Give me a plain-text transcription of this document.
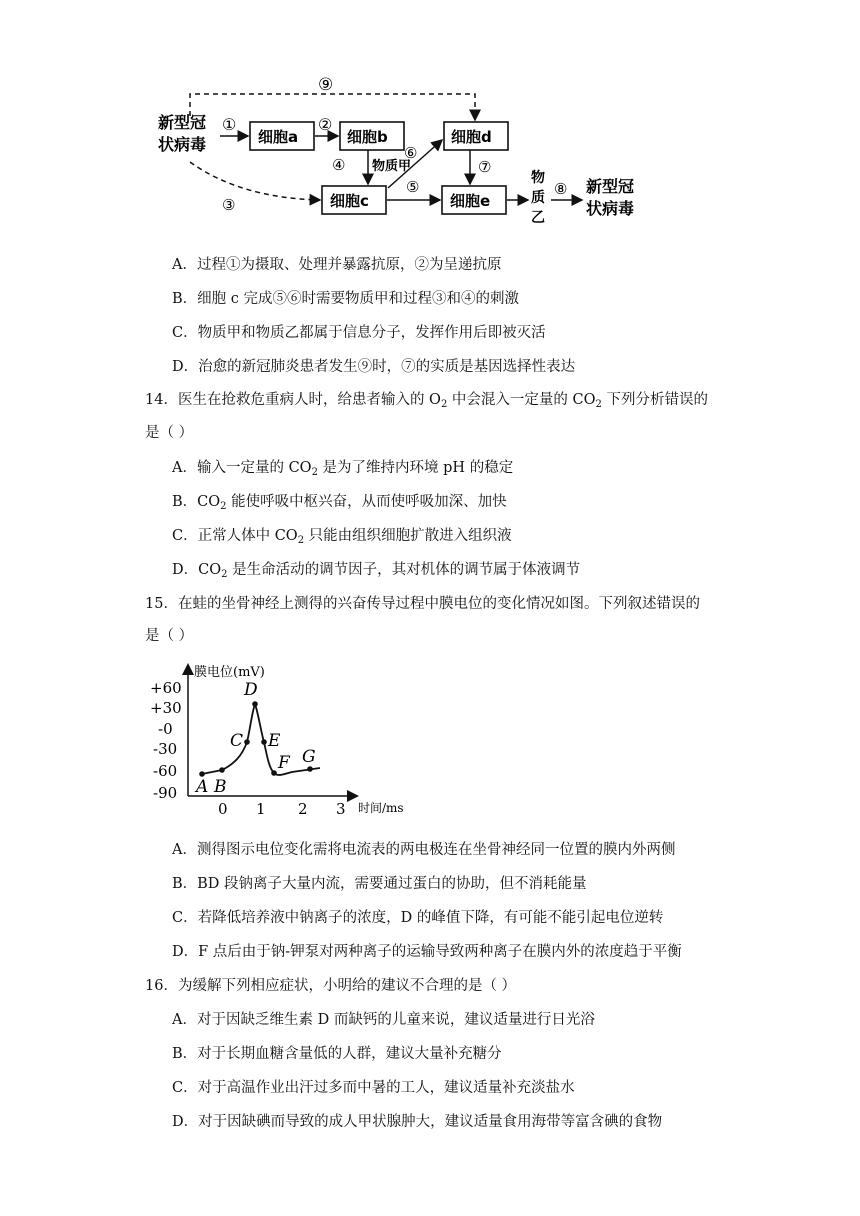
新型冠
状病毒
⑨
①
细胞a
②
细胞b
④ 物质甲
细胞c
③
⑥
细胞d
⑤
⑦
细胞e
物
质
乙
⑧ 新型冠
状病毒
A．过程①为摄取、处理并暴露抗原，②为呈递抗原
B．细胞 c 完成⑤⑥时需要物质甲和过程③和④的刺激
C．物质甲和物质乙都属于信息分子，发挥作用后即被灭活
D．治愈的新冠肺炎患者发生⑨时，⑦的实质是基因选择性表达
14．医生在抢救危重病人时，给患者输入的 $O_2$ 中会混入一定量的 $CO_2$ 下列分析错误的
是（ ）
A．输入一定量的 $CO_2$ 是为了维持内环境 pH 的稳定
B．$CO_2$ 能使呼吸中枢兴奋，从而使呼吸加深、加快
C．正常人体中 $CO_2$ 只能由组织细胞扩散进入组织液
D．$CO_2$ 是生命活动的调节因子，其对机体的调节属于体液调节
15．在蛙的坐骨神经上测得的兴奋传导过程中膜电位的变化情况如图。下列叙述错误的
是（ ）
膜电位(mV)
时间/ms
+60
+30
-0
-30
-60
-90
0 1 2 3
A B
C
D
E
F G
A．测得图示电位变化需将电流表的两电极连在坐骨神经同一位置的膜内外两侧
B．BD 段钠离子大量内流，需要通过蛋白的协助，但不消耗能量
C．若降低培养液中钠离子的浓度，D 的峰值下降，有可能不能引起电位逆转
D．F 点后由于钠-钾泵对两种离子的运输导致两种离子在膜内外的浓度趋于平衡
16．为缓解下列相应症状，小明给的建议不合理的是（ ）
A．对于因缺乏维生素 D 而缺钙的儿童来说，建议适量进行日光浴
B．对于长期血糖含量低的人群，建议大量补充糖分
C．对于高温作业出汗过多而中暑的工人，建议适量补充淡盐水
D．对于因缺碘而导致的成人甲状腺肿大，建议适量食用海带等富含碘的食物
